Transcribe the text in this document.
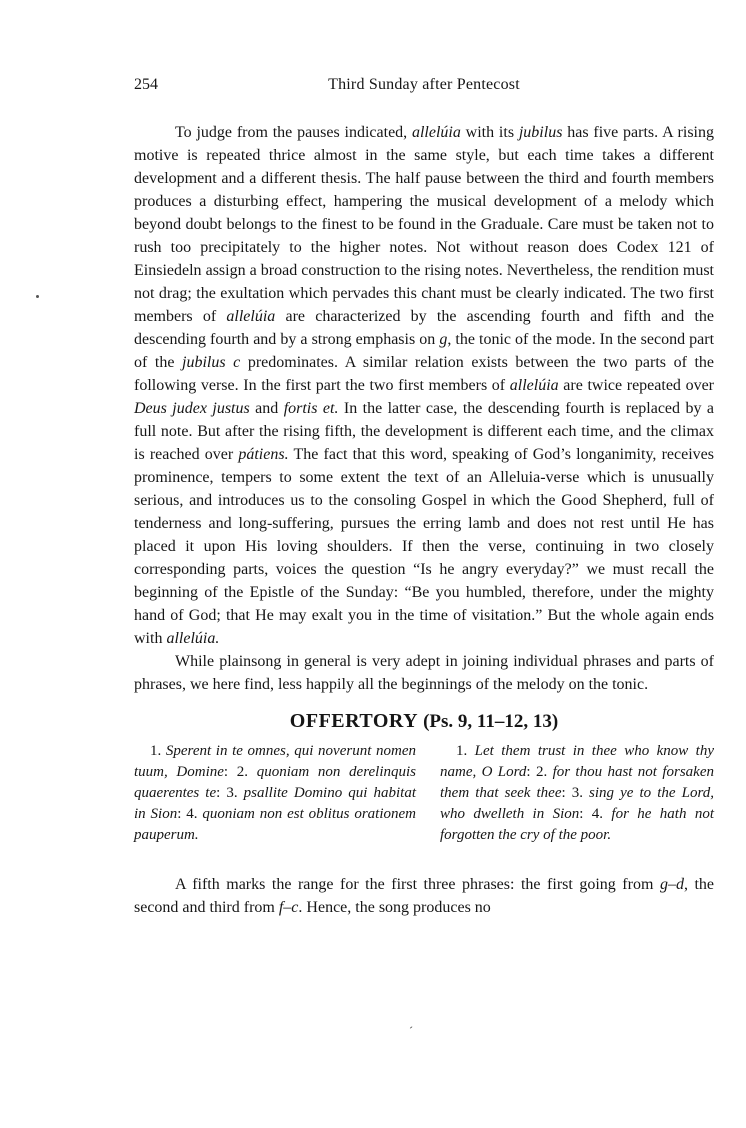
254	Third Sunday after Pentecost

To judge from the pauses indicated, allelúia with its jubilus has five parts. A rising motive is repeated thrice almost in the same style, but each time takes a different development and a different thesis. The half pause between the third and fourth members produces a disturbing effect, hampering the musical development of a melody which beyond doubt belongs to the finest to be found in the Graduale. Care must be taken not to rush too precipitately to the higher notes. Not without reason does Codex 121 of Einsiedeln assign a broad construction to the rising notes. Nevertheless, the rendition must not drag; the exultation which pervades this chant must be clearly indicated. The two first members of allelúia are characterized by the ascending fourth and fifth and the descending fourth and by a strong emphasis on g, the tonic of the mode. In the second part of the jubilus c predominates. A similar relation exists between the two parts of the following verse. In the first part the two first members of allelúia are twice repeated over Deus judex justus and fortis et. In the latter case, the descending fourth is replaced by a full note. But after the rising fifth, the development is different each time, and the climax is reached over pátiens. The fact that this word, speaking of God’s longanimity, receives prominence, tempers to some extent the text of an Alleluia-verse which is unusually serious, and introduces us to the consoling Gospel in which the Good Shepherd, full of tenderness and long-suffering, pursues the erring lamb and does not rest until He has placed it upon His loving shoulders. If then the verse, continuing in two closely corresponding parts, voices the question “Is he angry everyday?” we must recall the beginning of the Epistle of the Sunday: “Be you humbled, therefore, under the mighty hand of God; that He may exalt you in the time of visitation.” But the whole again ends with allelúia.

While plainsong in general is very adept in joining individual phrases and parts of phrases, we here find, less happily all the beginnings of the melody on the tonic.

OFFERTORY (Ps. 9, 11–12, 13)
1. Sperent in te omnes, qui noverunt nomen tuum, Domine: 2. quoniam non derelinquis quaerentes te: 3. psallite Domino qui habitat in Sion: 4. quoniam non est oblitus orationem pauperum.
1. Let them trust in thee who know thy name, O Lord: 2. for thou hast not forsaken them that seek thee: 3. sing ye to the Lord, who dwelleth in Sion: 4. for he hath not forgotten the cry of the poor.

A fifth marks the range for the first three phrases: the first going from g–d, the second and third from f–c. Hence, the song produces no

´
